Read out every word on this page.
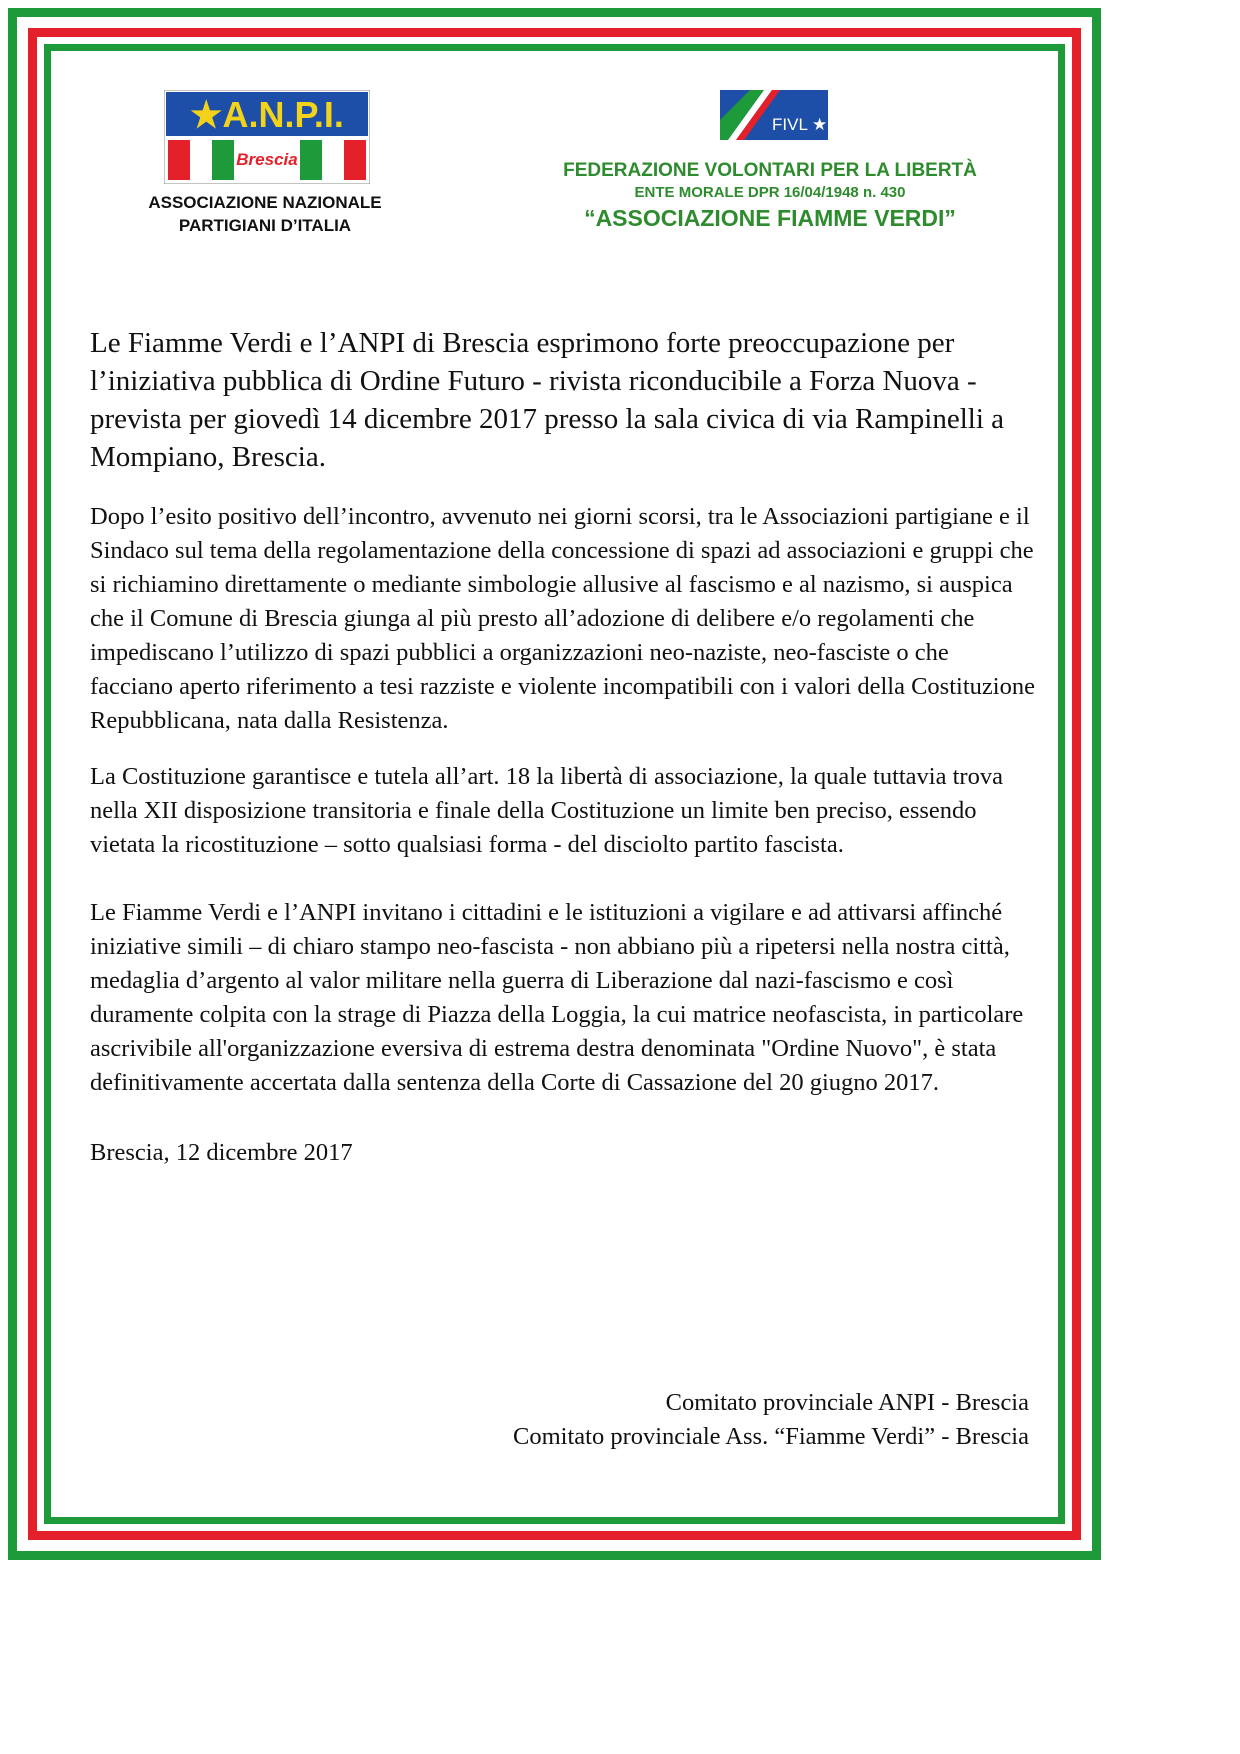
★A.N.P.I.
Brescia
ASSOCIAZIONE NAZIONALE
PARTIGIANI D’ITALIA
FIVL ★
FEDERAZIONE VOLONTARI PER LA LIBERTÀ
ENTE MORALE DPR 16/04/1948 n. 430
“ASSOCIAZIONE FIAMME VERDI”

Le Fiamme Verdi e l’ANPI di Brescia esprimono forte preoccupazione per l’iniziativa pubblica di Ordine Futuro - rivista riconducibile a Forza Nuova - prevista per giovedì 14 dicembre 2017 presso la sala civica di via Rampinelli a Mompiano, Brescia.

Dopo l’esito positivo dell’incontro, avvenuto nei giorni scorsi, tra le Associazioni partigiane e il Sindaco sul tema della regolamentazione della concessione di spazi ad associazioni e gruppi che si richiamino direttamente o mediante simbologie allusive al fascismo e al nazismo, si auspica che il Comune di Brescia giunga al più presto all’adozione di delibere e/o regolamenti che impediscano l’utilizzo di spazi pubblici a organizzazioni neo-naziste, neo-fasciste o che facciano aperto riferimento a tesi razziste e violente incompatibili con i valori della Costituzione Repubblicana, nata dalla Resistenza.

La Costituzione garantisce e tutela all’art. 18 la libertà di associazione, la quale tuttavia trova nella XII disposizione transitoria e finale della Costituzione un limite ben preciso, essendo vietata la ricostituzione – sotto qualsiasi forma - del disciolto partito fascista.

Le Fiamme Verdi e l’ANPI invitano i cittadini e le istituzioni a vigilare e ad attivarsi affinché iniziative simili – di chiaro stampo neo-fascista - non abbiano più a ripetersi nella nostra città, medaglia d’argento al valor militare nella guerra di Liberazione dal nazi-fascismo e così duramente colpita con la strage di Piazza della Loggia, la cui matrice neofascista, in particolare ascrivibile all'organizzazione eversiva di estrema destra denominata "Ordine Nuovo", è stata definitivamente accertata dalla sentenza della Corte di Cassazione del 20 giugno 2017.

Brescia, 12 dicembre 2017

Comitato provinciale ANPI - Brescia
Comitato provinciale Ass. “Fiamme Verdi” - Brescia
